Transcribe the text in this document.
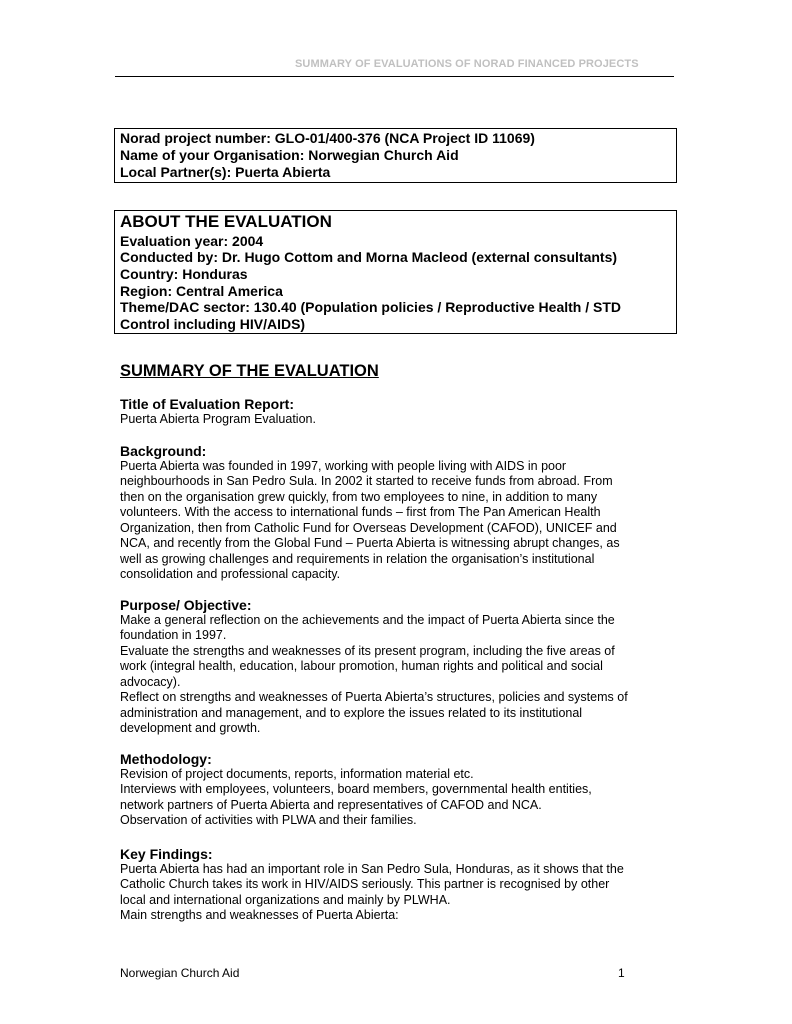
SUMMARY OF EVALUATIONS OF NORAD FINANCED PROJECTS
Norad project number: GLO-01/400-376 (NCA Project ID 11069)
Name of your Organisation: Norwegian Church Aid
Local Partner(s): Puerta Abierta
ABOUT THE EVALUATION
Evaluation year: 2004
Conducted by: Dr. Hugo Cottom and Morna Macleod (external consultants)
Country: Honduras
Region: Central America
Theme/DAC sector: 130.40 (Population policies / Reproductive Health / STD
Control including HIV/AIDS)
SUMMARY OF THE EVALUATION
Title of Evaluation Report:
Puerta Abierta Program Evaluation.
Background:
Puerta Abierta was founded in 1997, working with people living with AIDS in poor
neighbourhoods in San Pedro Sula. In 2002 it started to receive funds from abroad. From
then on the organisation grew quickly, from two employees to nine, in addition to many
volunteers. With the access to international funds – first from The Pan American Health
Organization, then from Catholic Fund for Overseas Development (CAFOD), UNICEF and
NCA, and recently from the Global Fund – Puerta Abierta is witnessing abrupt changes, as
well as growing challenges and requirements in relation the organisation’s institutional
consolidation and professional capacity.
Purpose/ Objective:
Make a general reflection on the achievements and the impact of Puerta Abierta since the
foundation in 1997.
Evaluate the strengths and weaknesses of its present program, including the five areas of
work (integral health, education, labour promotion, human rights and political and social
advocacy).
Reflect on strengths and weaknesses of Puerta Abierta’s structures, policies and systems of
administration and management, and to explore the issues related to its institutional
development and growth.
Methodology:
Revision of project documents, reports, information material etc.
Interviews with employees, volunteers, board members, governmental health entities,
network partners of Puerta Abierta and representatives of CAFOD and NCA.
Observation of activities with PLWA and their families.
Key Findings:
Puerta Abierta has had an important role in San Pedro Sula, Honduras, as it shows that the
Catholic Church takes its work in HIV/AIDS seriously. This partner is recognised by other
local and international organizations and mainly by PLWHA.
Main strengths and weaknesses of Puerta Abierta:
Norwegian Church Aid	1
